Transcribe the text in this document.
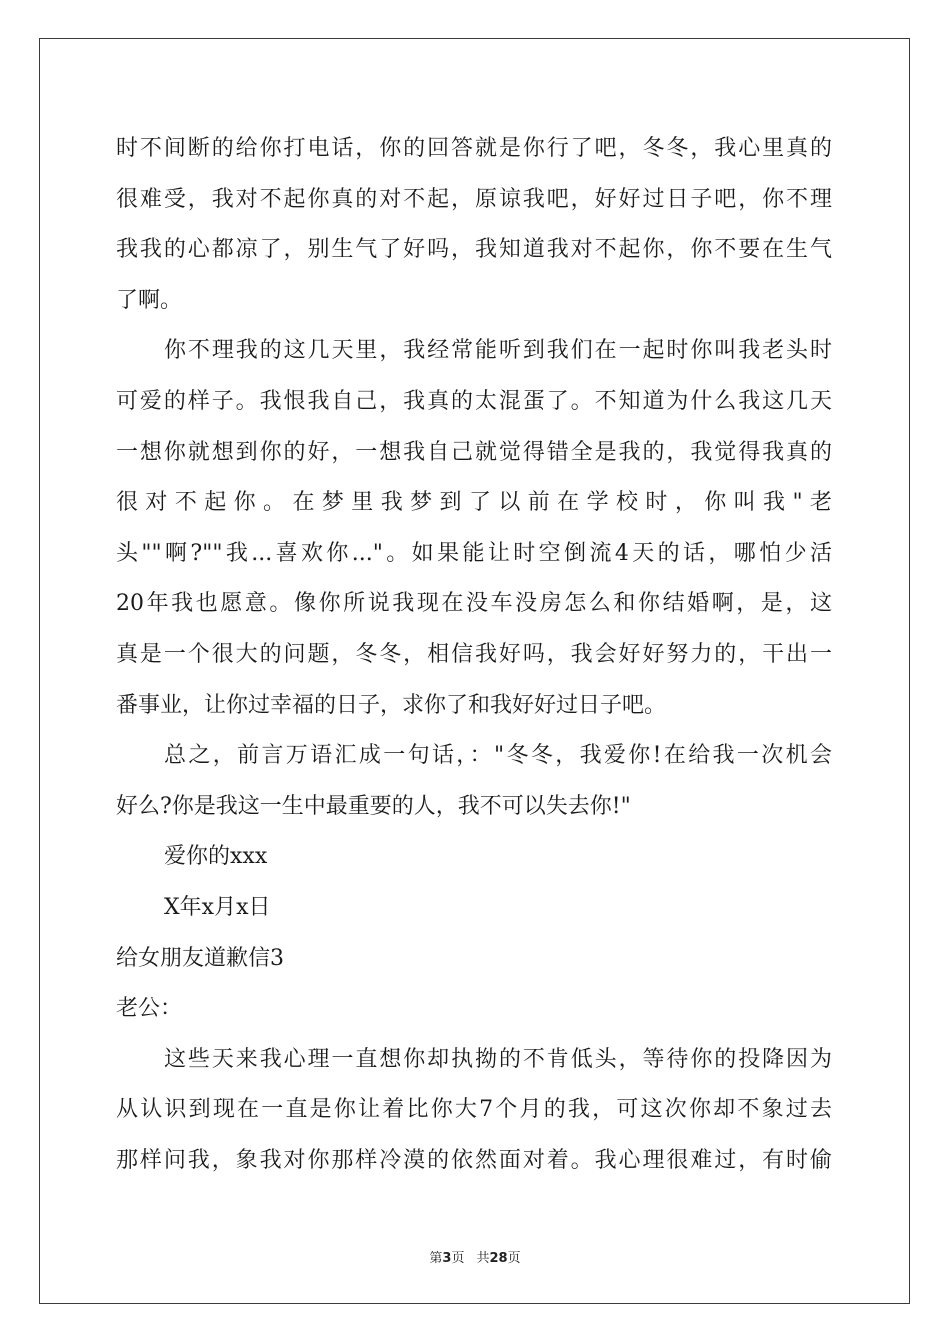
时不间断的给你打电话，你的回答就是你行了吧，冬冬，我心里真的
很难受，我对不起你真的对不起，原谅我吧，好好过日子吧，你不理
我我的心都凉了，别生气了好吗，我知道我对不起你，你不要在生气
了啊。
你不理我的这几天里，我经常能听到我们在一起时你叫我老头时
可爱的样子。我恨我自己，我真的太混蛋了。不知道为什么我这几天
一想你就想到你的好，一想我自己就觉得错全是我的，我觉得我真的
很对不起你。在梦里我梦到了以前在学校时，你叫我"老
头""啊?""我...喜欢你..."。如果能让时空倒流4天的话，哪怕少活
20年我也愿意。像你所说我现在没车没房怎么和你结婚啊，是，这
真是一个很大的问题，冬冬，相信我好吗，我会好好努力的，干出一
番事业，让你过幸福的日子，求你了和我好好过日子吧。
总之，前言万语汇成一句话，："冬冬，我爱你!在给我一次机会
好么?你是我这一生中最重要的人，我不可以失去你!"
爱你的xxx
X年x月x日
给女朋友道歉信3
老公：
这些天来我心理一直想你却执拗的不肯低头，等待你的投降因为
从认识到现在一直是你让着比你大7个月的我，可这次你却不象过去
那样问我，象我对你那样冷漠的依然面对着。我心理很难过，有时偷
第3页 共28页
